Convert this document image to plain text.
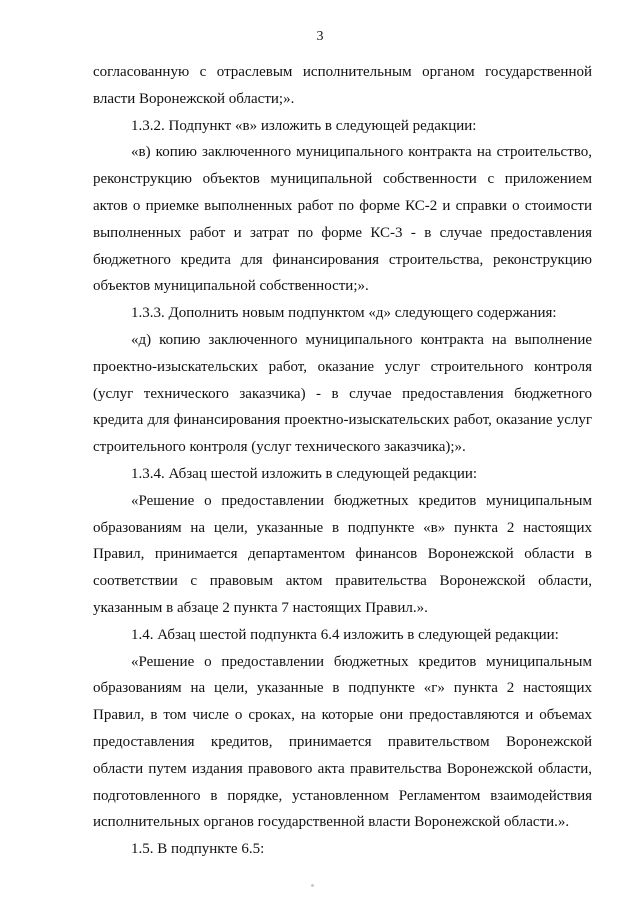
3

согласованную с отраслевым исполнительным органом государственной власти Воронежской области;».

1.3.2. Подпункт «в» изложить в следующей редакции:

«в) копию заключенного муниципального контракта на строительство, реконструкцию объектов муниципальной собственности с приложением актов о приемке выполненных работ по форме КС-2 и справки о стоимости выполненных работ и затрат по форме КС-3 - в случае предоставления бюджетного кредита для финансирования строительства, реконструкцию объектов муниципальной собственности;».

1.3.3. Дополнить новым подпунктом «д» следующего содержания:

«д) копию заключенного муниципального контракта на выполнение проектно-изыскательских работ, оказание услуг строительного контроля (услуг технического заказчика) - в случае предоставления бюджетного кредита для финансирования проектно-изыскательских работ, оказание услуг строительного контроля (услуг технического заказчика);».

1.3.4. Абзац шестой изложить в следующей редакции:

«Решение о предоставлении бюджетных кредитов муниципальным образованиям на цели, указанные в подпункте «в» пункта 2 настоящих Правил, принимается департаментом финансов Воронежской области в соответствии с правовым актом правительства Воронежской области, указанным в абзаце 2 пункта 7 настоящих Правил.».

1.4. Абзац шестой подпункта 6.4 изложить в следующей редакции:

«Решение о предоставлении бюджетных кредитов муниципальным образованиям на цели, указанные в подпункте «г» пункта 2 настоящих Правил, в том числе о сроках, на которые они предоставляются и объемах предоставления кредитов, принимается правительством Воронежской области путем издания правового акта правительства Воронежской области, подготовленного в порядке, установленном Регламентом взаимодействия исполнительных органов государственной власти Воронежской области.».

1.5. В подпункте 6.5:
